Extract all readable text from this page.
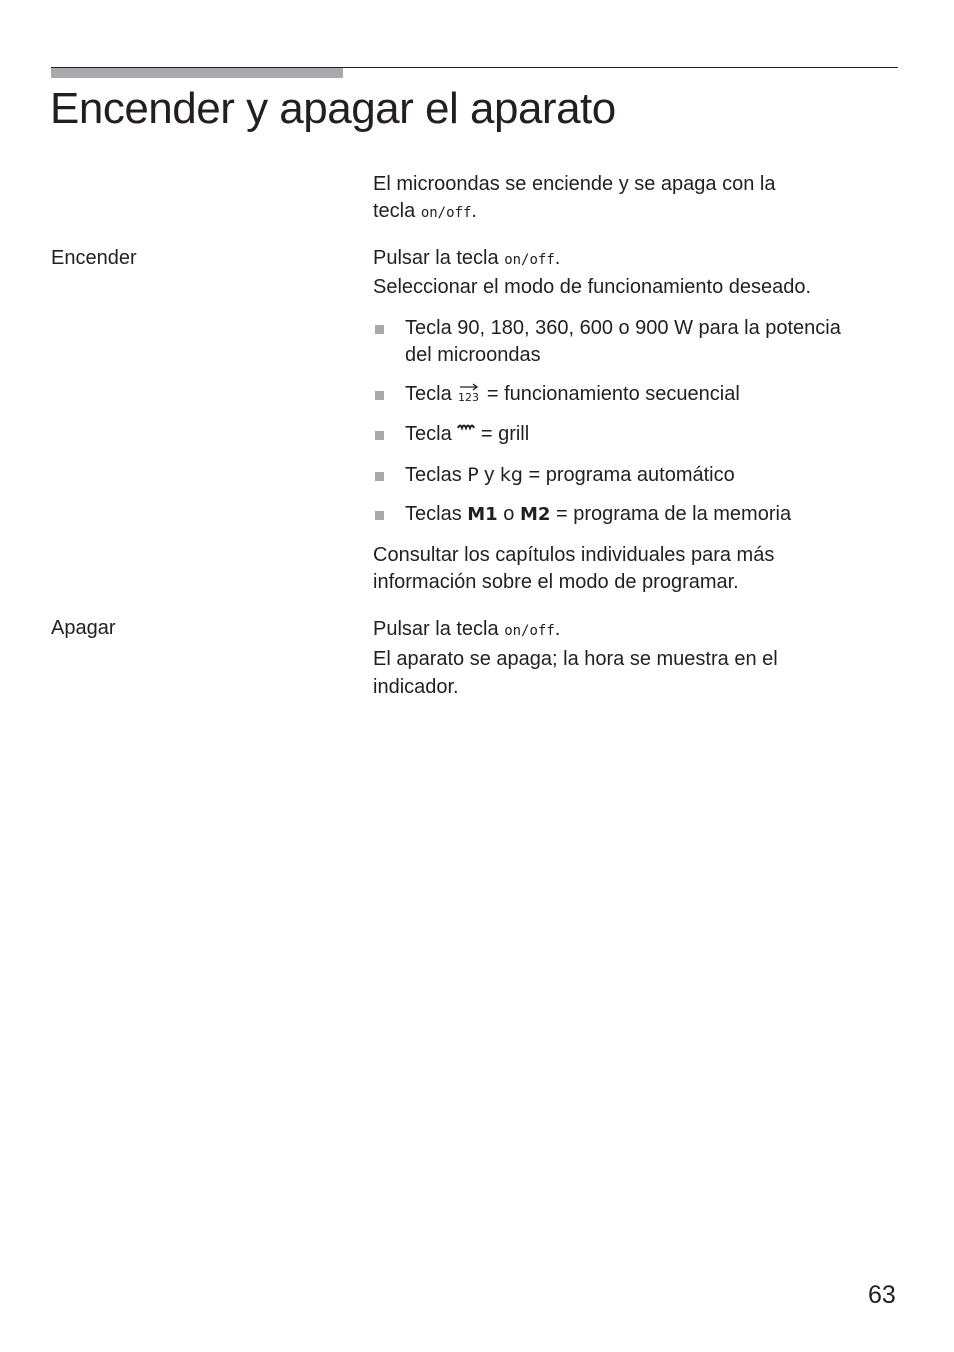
Encender y apagar el aparato

El microondas se enciende y se apaga con la

tecla on/off.

Encender	Pulsar la tecla on/off.

Seleccionar el modo de funcionamiento deseado.

Tecla 90, 180, 360, 600 o 900 W para la potencia
del microondas
Tecla 123 = funcionamiento secuencial
Tecla = grill
Teclas P y kg = programa automático
Teclas M1 o M2 = programa de la memoria

Consultar los capítulos individuales para más

información sobre el modo de programar.

Apagar	Pulsar la tecla on/off.

El aparato se apaga; la hora se muestra en el

indicador.

63
